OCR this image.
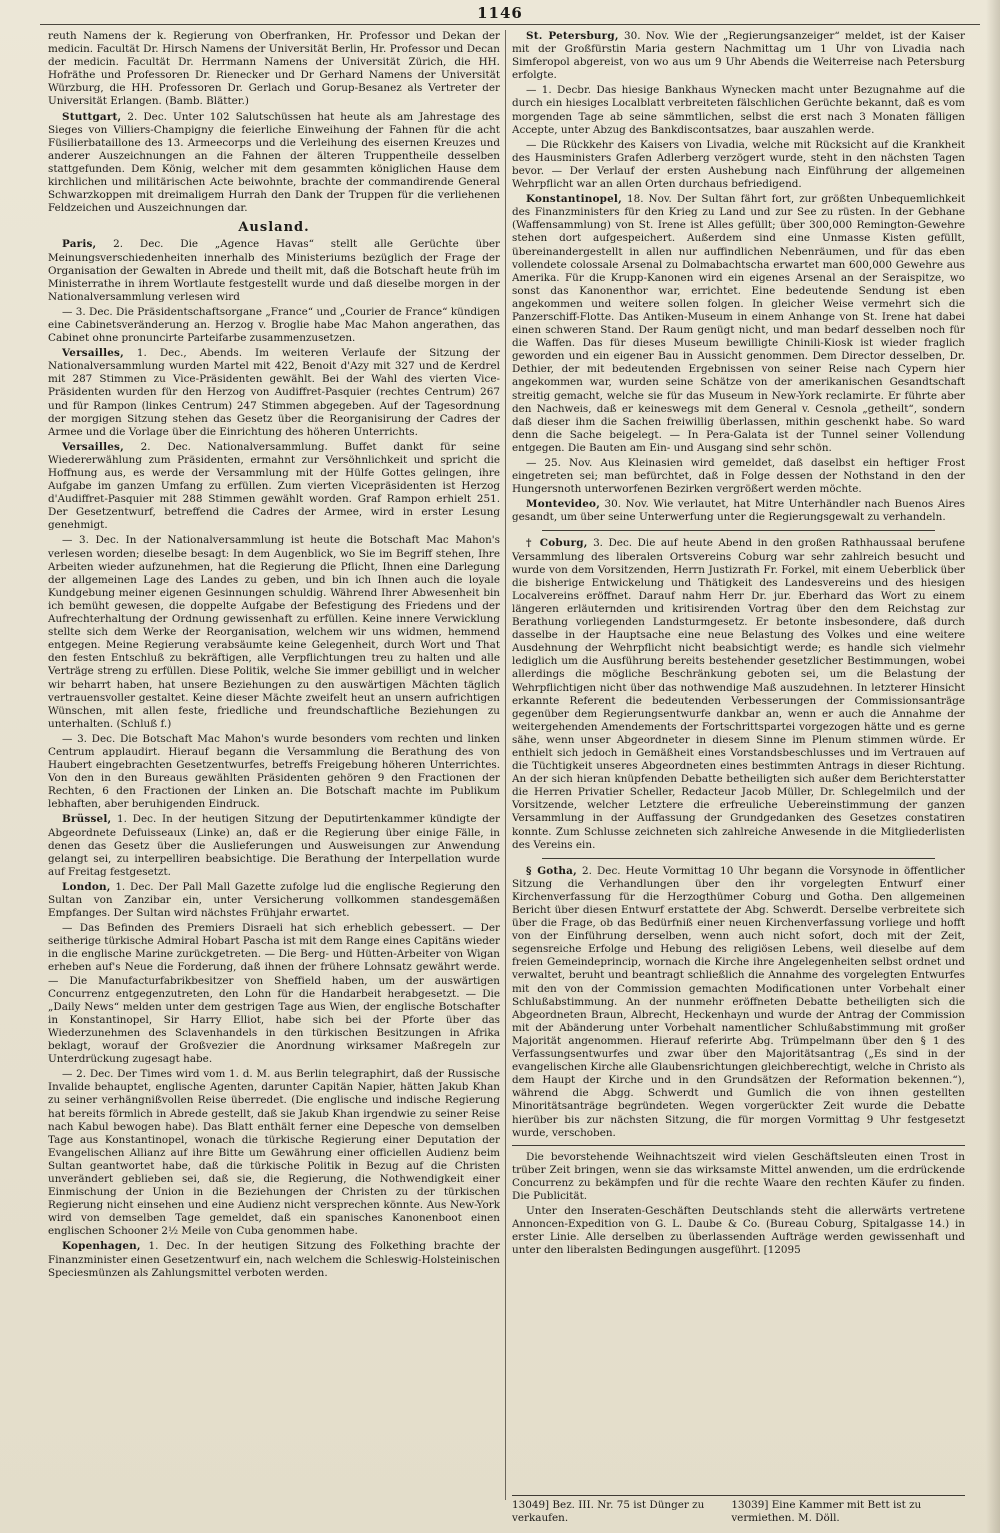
1146

reuth Namens der k. Regierung von Oberfranken, Hr. Professor und Dekan der medicin. Facultät Dr. Hirsch Namens der Universität Berlin, Hr. Professor und Decan der medicin. Facultät Dr. Herrmann Namens der Universität Zürich, die HH. Hofräthe und Professoren Dr. Rienecker und Dr Gerhard Namens der Universität Würzburg, die HH. Professoren Dr. Gerlach und Gorup-Besanez als Vertreter der Universität Erlangen. (Bamb. Blätter.)

Stuttgart, 2. Dec. Unter 102 Salutschüssen hat heute als am Jahrestage des Sieges von Villiers-Champigny die feierliche Einweihung der Fahnen für die acht Füsilierbataillone des 13. Armeecorps und die Verleihung des eisernen Kreuzes und anderer Auszeichnungen an die Fahnen der älteren Truppentheile desselben stattgefunden. Dem König, welcher mit dem gesammten königlichen Hause dem kirchlichen und militärischen Acte beiwohnte, brachte der commandirende General Schwarzkoppen mit dreimaligem Hurrah den Dank der Truppen für die verliehenen Feldzeichen und Auszeichnungen dar.

Ausland.

Paris, 2. Dec. Die „Agence Havas“ stellt alle Gerüchte über Meinungsverschiedenheiten innerhalb des Ministeriums bezüglich der Frage der Organisation der Gewalten in Abrede und theilt mit, daß die Botschaft heute früh im Ministerrathe in ihrem Wortlaute festgestellt wurde und daß dieselbe morgen in der Nationalversammlung verlesen wird

— 3. Dec. Die Präsidentschaftsorgane „France“ und „Courier de France“ kündigen eine Cabinetsveränderung an. Herzog v. Broglie habe Mac Mahon angerathen, das Cabinet ohne pronuncirte Parteifarbe zusammenzusetzen.

Versailles, 1. Dec., Abends. Im weiteren Verlaufe der Sitzung der Nationalversammlung wurden Martel mit 422, Benoit d'Azy mit 327 und de Kerdrel mit 287 Stimmen zu Vice-Präsidenten gewählt. Bei der Wahl des vierten Vice-Präsidenten wurden für den Herzog von Audiffret-Pasquier (rechtes Centrum) 267 und für Rampon (linkes Centrum) 247 Stimmen abgegeben. Auf der Tagesordnung der morgigen Sitzung stehen das Gesetz über die Reorganisirung der Cadres der Armee und die Vorlage über die Einrichtung des höheren Unterrichts.

Versailles, 2. Dec. Nationalversammlung. Buffet dankt für seine Wiedererwählung zum Präsidenten, ermahnt zur Versöhnlichkeit und spricht die Hoffnung aus, es werde der Versammlung mit der Hülfe Gottes gelingen, ihre Aufgabe im ganzen Umfang zu erfüllen. Zum vierten Vicepräsidenten ist Herzog d'Audiffret-Pasquier mit 288 Stimmen gewählt worden. Graf Rampon erhielt 251. Der Gesetzentwurf, betreffend die Cadres der Armee, wird in erster Lesung genehmigt.

— 3. Dec. In der Nationalversammlung ist heute die Botschaft Mac Mahon's verlesen worden; dieselbe besagt: In dem Augenblick, wo Sie im Begriff stehen, Ihre Arbeiten wieder aufzunehmen, hat die Regierung die Pflicht, Ihnen eine Darlegung der allgemeinen Lage des Landes zu geben, und bin ich Ihnen auch die loyale Kundgebung meiner eigenen Gesinnungen schuldig. Während Ihrer Abwesenheit bin ich bemüht gewesen, die doppelte Aufgabe der Befestigung des Friedens und der Aufrechterhaltung der Ordnung gewissenhaft zu erfüllen. Keine innere Verwicklung stellte sich dem Werke der Reorganisation, welchem wir uns widmen, hemmend entgegen. Meine Regierung verabsäumte keine Gelegenheit, durch Wort und That den festen Entschluß zu bekräftigen, alle Verpflichtungen treu zu halten und alle Verträge streng zu erfüllen. Diese Politik, welche Sie immer gebilligt und in welcher wir beharrt haben, hat unsere Beziehungen zu den auswärtigen Mächten täglich vertrauensvoller gestaltet. Keine dieser Mächte zweifelt heut an unsern aufrichtigen Wünschen, mit allen feste, friedliche und freundschaftliche Beziehungen zu unterhalten. (Schluß f.)

— 3. Dec. Die Botschaft Mac Mahon's wurde besonders vom rechten und linken Centrum applaudirt. Hierauf begann die Versammlung die Berathung des von Haubert eingebrachten Gesetzentwurfes, betreffs Freigebung höheren Unterrichtes. Von den in den Bureaus gewählten Präsidenten gehören 9 den Fractionen der Rechten, 6 den Fractionen der Linken an. Die Botschaft machte im Publikum lebhaften, aber beruhigenden Eindruck.

Brüssel, 1. Dec. In der heutigen Sitzung der Deputirtenkammer kündigte der Abgeordnete Defuisseaux (Linke) an, daß er die Regierung über einige Fälle, in denen das Gesetz über die Auslieferungen und Ausweisungen zur Anwendung gelangt sei, zu interpelliren beabsichtige. Die Berathung der Interpellation wurde auf Freitag festgesetzt.

London, 1. Dec. Der Pall Mall Gazette zufolge lud die englische Regierung den Sultan von Zanzibar ein, unter Versicherung vollkommen standesgemäßen Empfanges. Der Sultan wird nächstes Frühjahr erwartet.

— Das Befinden des Premiers Disraeli hat sich erheblich gebessert. — Der seitherige türkische Admiral Hobart Pascha ist mit dem Range eines Capitäns wieder in die englische Marine zurückgetreten. — Die Berg- und Hütten-Arbeiter von Wigan erheben auf's Neue die Forderung, daß ihnen der frühere Lohnsatz gewährt werde. — Die Manufacturfabrikbesitzer von Sheffield haben, um der auswärtigen Concurrenz entgegenzutreten, den Lohn für die Handarbeit herabgesetzt. — Die „Daily News“ melden unter dem gestrigen Tage aus Wien, der englische Botschafter in Konstantinopel, Sir Harry Elliot, habe sich bei der Pforte über das Wiederzunehmen des Sclavenhandels in den türkischen Besitzungen in Afrika beklagt, worauf der Großvezier die Anordnung wirksamer Maßregeln zur Unterdrückung zugesagt habe.

— 2. Dec. Der Times wird vom 1. d. M. aus Berlin telegraphirt, daß der Russische Invalide behauptet, englische Agenten, darunter Capitän Napier, hätten Jakub Khan zu seiner verhängnißvollen Reise überredet. (Die englische und indische Regierung hat bereits förmlich in Abrede gestellt, daß sie Jakub Khan irgendwie zu seiner Reise nach Kabul bewogen habe). Das Blatt enthält ferner eine Depesche von demselben Tage aus Konstantinopel, wonach die türkische Regierung einer Deputation der Evangelischen Allianz auf ihre Bitte um Gewährung einer officiellen Audienz beim Sultan geantwortet habe, daß die türkische Politik in Bezug auf die Christen unverändert geblieben sei, daß sie, die Regierung, die Nothwendigkeit einer Einmischung der Union in die Beziehungen der Christen zu der türkischen Regierung nicht einsehen und eine Audienz nicht versprechen könnte. Aus New-York wird von demselben Tage gemeldet, daß ein spanisches Kanonenboot einen englischen Schooner 2½ Meile von Cuba genommen habe.

Kopenhagen, 1. Dec. In der heutigen Sitzung des Folkething brachte der Finanzminister einen Gesetzentwurf ein, nach welchem die Schleswig-Holsteinischen Speciesmünzen als Zahlungsmittel verboten werden.

St. Petersburg, 30. Nov. Wie der „Regierungsanzeiger“ meldet, ist der Kaiser mit der Großfürstin Maria gestern Nachmittag um 1 Uhr von Livadia nach Simferopol abgereist, von wo aus um 9 Uhr Abends die Weiterreise nach Petersburg erfolgte.

— 1. Decbr. Das hiesige Bankhaus Wynecken macht unter Bezugnahme auf die durch ein hiesiges Localblatt verbreiteten fälschlichen Gerüchte bekannt, daß es vom morgenden Tage ab seine sämmtlichen, selbst die erst nach 3 Monaten fälligen Accepte, unter Abzug des Bankdiscontsatzes, baar auszahlen werde.

— Die Rückkehr des Kaisers von Livadia, welche mit Rücksicht auf die Krankheit des Hausministers Grafen Adlerberg verzögert wurde, steht in den nächsten Tagen bevor. — Der Verlauf der ersten Aushebung nach Einführung der allgemeinen Wehrpflicht war an allen Orten durchaus befriedigend.

Konstantinopel, 18. Nov. Der Sultan fährt fort, zur größten Unbequemlichkeit des Finanzministers für den Krieg zu Land und zur See zu rüsten. In der Gebhane (Waffensammlung) von St. Irene ist Alles gefüllt; über 300,000 Remington-Gewehre stehen dort aufgespeichert. Außerdem sind eine Unmasse Kisten gefüllt, übereinandergestellt in allen nur auffindlichen Nebenräumen, und für das eben vollendete colossale Arsenal zu Dolmabachtscha erwartet man 600,000 Gewehre aus Amerika. Für die Krupp-Kanonen wird ein eigenes Arsenal an der Seraispitze, wo sonst das Kanonenthor war, errichtet. Eine bedeutende Sendung ist eben angekommen und weitere sollen folgen. In gleicher Weise vermehrt sich die Panzerschiff-Flotte. Das Antiken-Museum in einem Anhange von St. Irene hat dabei einen schweren Stand. Der Raum genügt nicht, und man bedarf desselben noch für die Waffen. Das für dieses Museum bewilligte Chinili-Kiosk ist wieder fraglich geworden und ein eigener Bau in Aussicht genommen. Dem Director desselben, Dr. Dethier, der mit bedeutenden Ergebnissen von seiner Reise nach Cypern hier angekommen war, wurden seine Schätze von der amerikanischen Gesandtschaft streitig gemacht, welche sie für das Museum in New-York reclamirte. Er führte aber den Nachweis, daß er keineswegs mit dem General v. Cesnola „getheilt“, sondern daß dieser ihm die Sachen freiwillig überlassen, mithin geschenkt habe. So ward denn die Sache beigelegt. — In Pera-Galata ist der Tunnel seiner Vollendung entgegen. Die Bauten am Ein- und Ausgang sind sehr schön.

— 25. Nov. Aus Kleinasien wird gemeldet, daß daselbst ein heftiger Frost eingetreten sei; man befürchtet, daß in Folge dessen der Nothstand in den der Hungersnoth unterworfenen Bezirken vergrößert werden möchte.

Montevideo, 30. Nov. Wie verlautet, hat Mitre Unterhändler nach Buenos Aires gesandt, um über seine Unterwerfung unter die Regierungsgewalt zu verhandeln.

† Coburg, 3. Dec. Die auf heute Abend in den großen Rathhaussaal berufene Versammlung des liberalen Ortsvereins Coburg war sehr zahlreich besucht und wurde von dem Vorsitzenden, Herrn Justizrath Fr. Forkel, mit einem Ueberblick über die bisherige Entwickelung und Thätigkeit des Landesvereins und des hiesigen Localvereins eröffnet. Darauf nahm Herr Dr. jur. Eberhard das Wort zu einem längeren erläuternden und kritisirenden Vortrag über den dem Reichstag zur Berathung vorliegenden Landsturmgesetz. Er betonte insbesondere, daß durch dasselbe in der Hauptsache eine neue Belastung des Volkes und eine weitere Ausdehnung der Wehrpflicht nicht beabsichtigt werde; es handle sich vielmehr lediglich um die Ausführung bereits bestehender gesetzlicher Bestimmungen, wobei allerdings die mögliche Beschränkung geboten sei, um die Belastung der Wehrpflichtigen nicht über das nothwendige Maß auszudehnen. In letzterer Hinsicht erkannte Referent die bedeutenden Verbesserungen der Commissionsanträge gegenüber dem Regierungsentwurfe dankbar an, wenn er auch die Annahme der weitergehenden Amendements der Fortschrittspartei vorgezogen hätte und es gerne sähe, wenn unser Abgeordneter in diesem Sinne im Plenum stimmen würde. Er enthielt sich jedoch in Gemäßheit eines Vorstandsbeschlusses und im Vertrauen auf die Tüchtigkeit unseres Abgeordneten eines bestimmten Antrags in dieser Richtung. An der sich hieran knüpfenden Debatte betheiligten sich außer dem Berichterstatter die Herren Privatier Scheller, Redacteur Jacob Müller, Dr. Schlegelmilch und der Vorsitzende, welcher Letztere die erfreuliche Uebereinstimmung der ganzen Versammlung in der Auffassung der Grundgedanken des Gesetzes constatiren konnte. Zum Schlusse zeichneten sich zahlreiche Anwesende in die Mitgliederlisten des Vereins ein.

§ Gotha, 2. Dec. Heute Vormittag 10 Uhr begann die Vorsynode in öffentlicher Sitzung die Verhandlungen über den ihr vorgelegten Entwurf einer Kirchenverfassung für die Herzogthümer Coburg und Gotha. Den allgemeinen Bericht über diesen Entwurf erstattete der Abg. Schwerdt. Derselbe verbreitete sich über die Frage, ob das Bedürfniß einer neuen Kirchenverfassung vorliege und hofft von der Einführung derselben, wenn auch nicht sofort, doch mit der Zeit, segensreiche Erfolge und Hebung des religiösen Lebens, weil dieselbe auf dem freien Gemeindeprincip, wornach die Kirche ihre Angelegenheiten selbst ordnet und verwaltet, beruht und beantragt schließlich die Annahme des vorgelegten Entwurfes mit den von der Commission gemachten Modificationen unter Vorbehalt einer Schlußabstimmung. An der nunmehr eröffneten Debatte betheiligten sich die Abgeordneten Braun, Albrecht, Heckenhayn und wurde der Antrag der Commission mit der Abänderung unter Vorbehalt namentlicher Schlußabstimmung mit großer Majorität angenommen. Hierauf referirte Abg. Trümpelmann über den § 1 des Verfassungsentwurfes und zwar über den Majoritätsantrag („Es sind in der evangelischen Kirche alle Glaubensrichtungen gleichberechtigt, welche in Christo als dem Haupt der Kirche und in den Grundsätzen der Reformation bekennen.“), während die Abgg. Schwerdt und Gumlich die von ihnen gestellten Minoritätsanträge begründeten. Wegen vorgerückter Zeit wurde die Debatte hierüber bis zur nächsten Sitzung, die für morgen Vormittag 9 Uhr festgesetzt wurde, verschoben.

Die bevorstehende Weihnachtszeit wird vielen Geschäftsleuten einen Trost in trüber Zeit bringen, wenn sie das wirksamste Mittel anwenden, um die erdrückende Concurrenz zu bekämpfen und für die rechte Waare den rechten Käufer zu finden. Die Publicität.

Unter den Inseraten-Geschäften Deutschlands steht die allerwärts vertretene Annoncen-Expedition von G. L. Daube & Co. (Bureau Coburg, Spitalgasse 14.) in erster Linie. Alle derselben zu überlassenden Aufträge werden gewissenhaft und unter den liberalsten Bedingungen ausgeführt. [12095

13049] Bez. III. Nr. 75 ist Dünger zu verkaufen. 13039] Eine Kammer mit Bett ist zu vermiethen. M. Döll.
